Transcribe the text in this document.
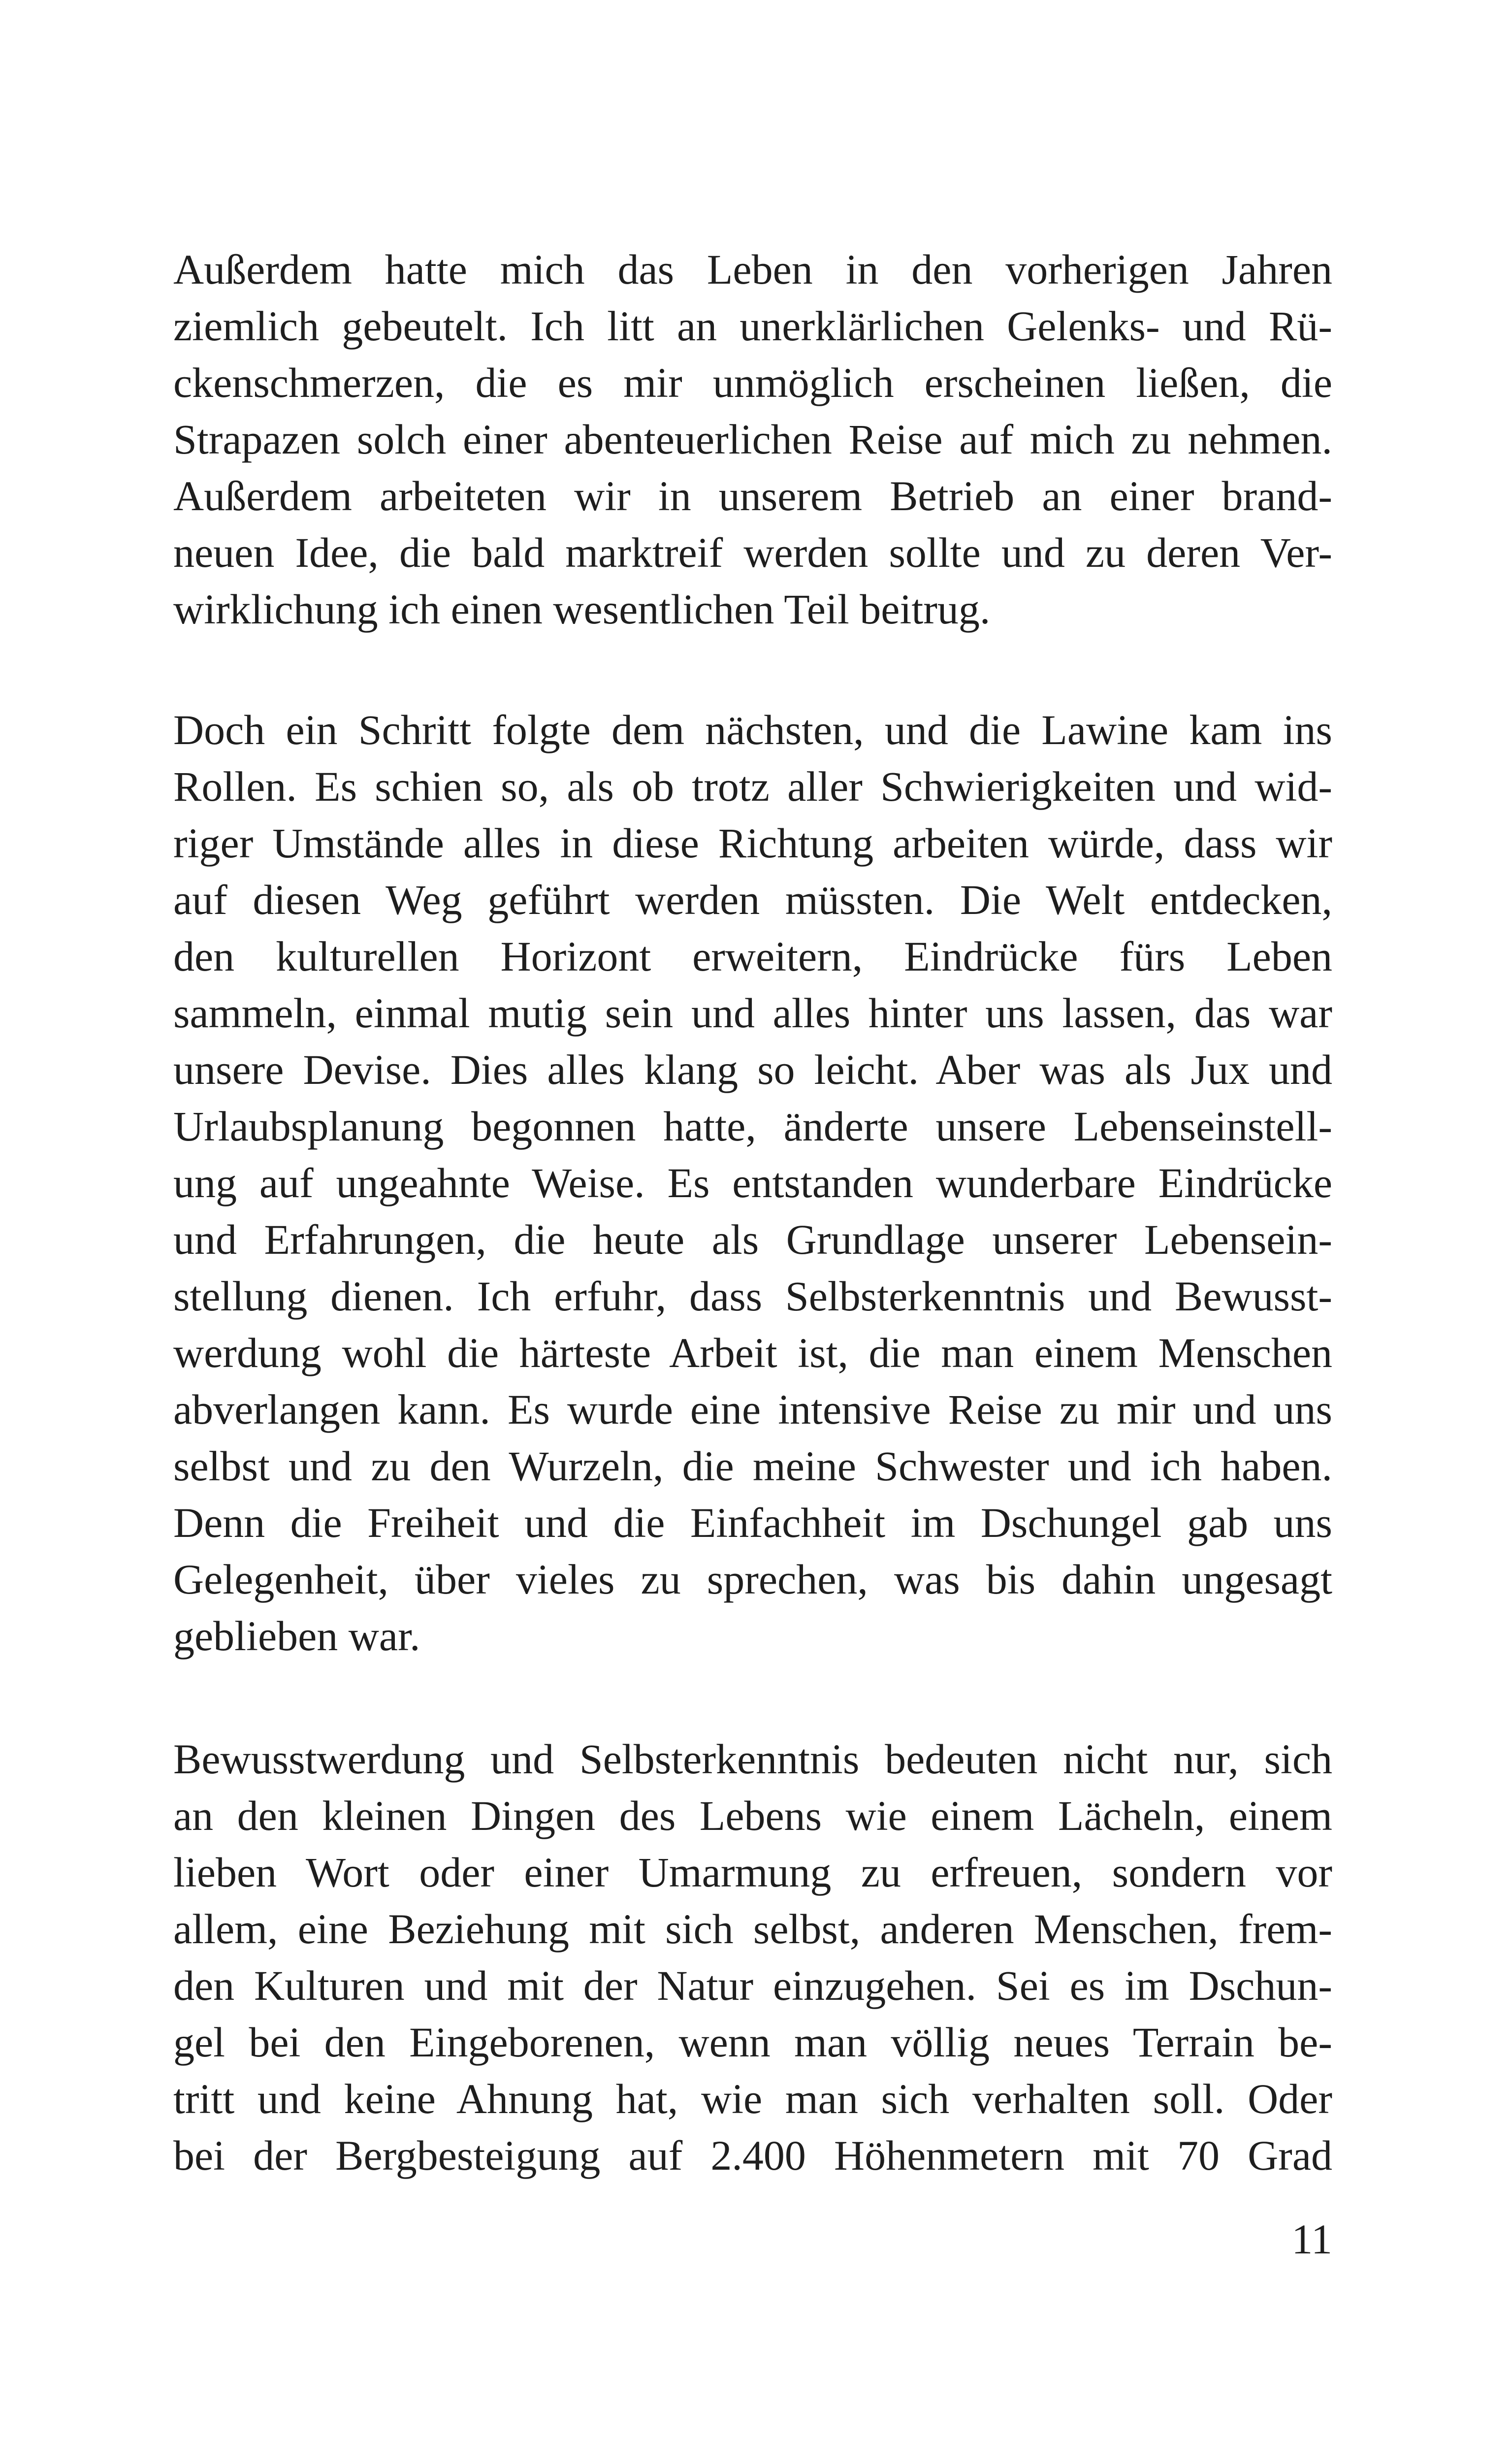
Außerdem hatte mich das Leben in den vorherigen Jahren
ziemlich gebeutelt. Ich litt an unerklärlichen Gelenks- und Rü-
ckenschmerzen, die es mir unmöglich erscheinen ließen, die
Strapazen solch einer abenteuerlichen Reise auf mich zu nehmen.
Außerdem arbeiteten wir in unserem Betrieb an einer brand-
neuen Idee, die bald marktreif werden sollte und zu deren Ver-
wirklichung ich einen wesentlichen Teil beitrug.
Doch ein Schritt folgte dem nächsten, und die Lawine kam ins
Rollen. Es schien so, als ob trotz aller Schwierigkeiten und wid-
riger Umstände alles in diese Richtung arbeiten würde, dass wir
auf diesen Weg geführt werden müssten. Die Welt entdecken,
den kulturellen Horizont erweitern, Eindrücke fürs Leben
sammeln, einmal mutig sein und alles hinter uns lassen, das war
unsere Devise. Dies alles klang so leicht. Aber was als Jux und
Urlaubsplanung begonnen hatte, änderte unsere Lebenseinstell-
ung auf ungeahnte Weise. Es entstanden wunderbare Eindrücke
und Erfahrungen, die heute als Grundlage unserer Lebensein-
stellung dienen. Ich erfuhr, dass Selbsterkenntnis und Bewusst-
werdung wohl die härteste Arbeit ist, die man einem Menschen
abverlangen kann. Es wurde eine intensive Reise zu mir und uns
selbst und zu den Wurzeln, die meine Schwester und ich haben.
Denn die Freiheit und die Einfachheit im Dschungel gab uns
Gelegenheit, über vieles zu sprechen, was bis dahin ungesagt
geblieben war.
Bewusstwerdung und Selbsterkenntnis bedeuten nicht nur, sich
an den kleinen Dingen des Lebens wie einem Lächeln, einem
lieben Wort oder einer Umarmung zu erfreuen, sondern vor
allem, eine Beziehung mit sich selbst, anderen Menschen, frem-
den Kulturen und mit der Natur einzugehen. Sei es im Dschun-
gel bei den Eingeborenen, wenn man völlig neues Terrain be-
tritt und keine Ahnung hat, wie man sich verhalten soll. Oder
bei der Bergbesteigung auf 2.400 Höhenmetern mit 70 Grad
11
